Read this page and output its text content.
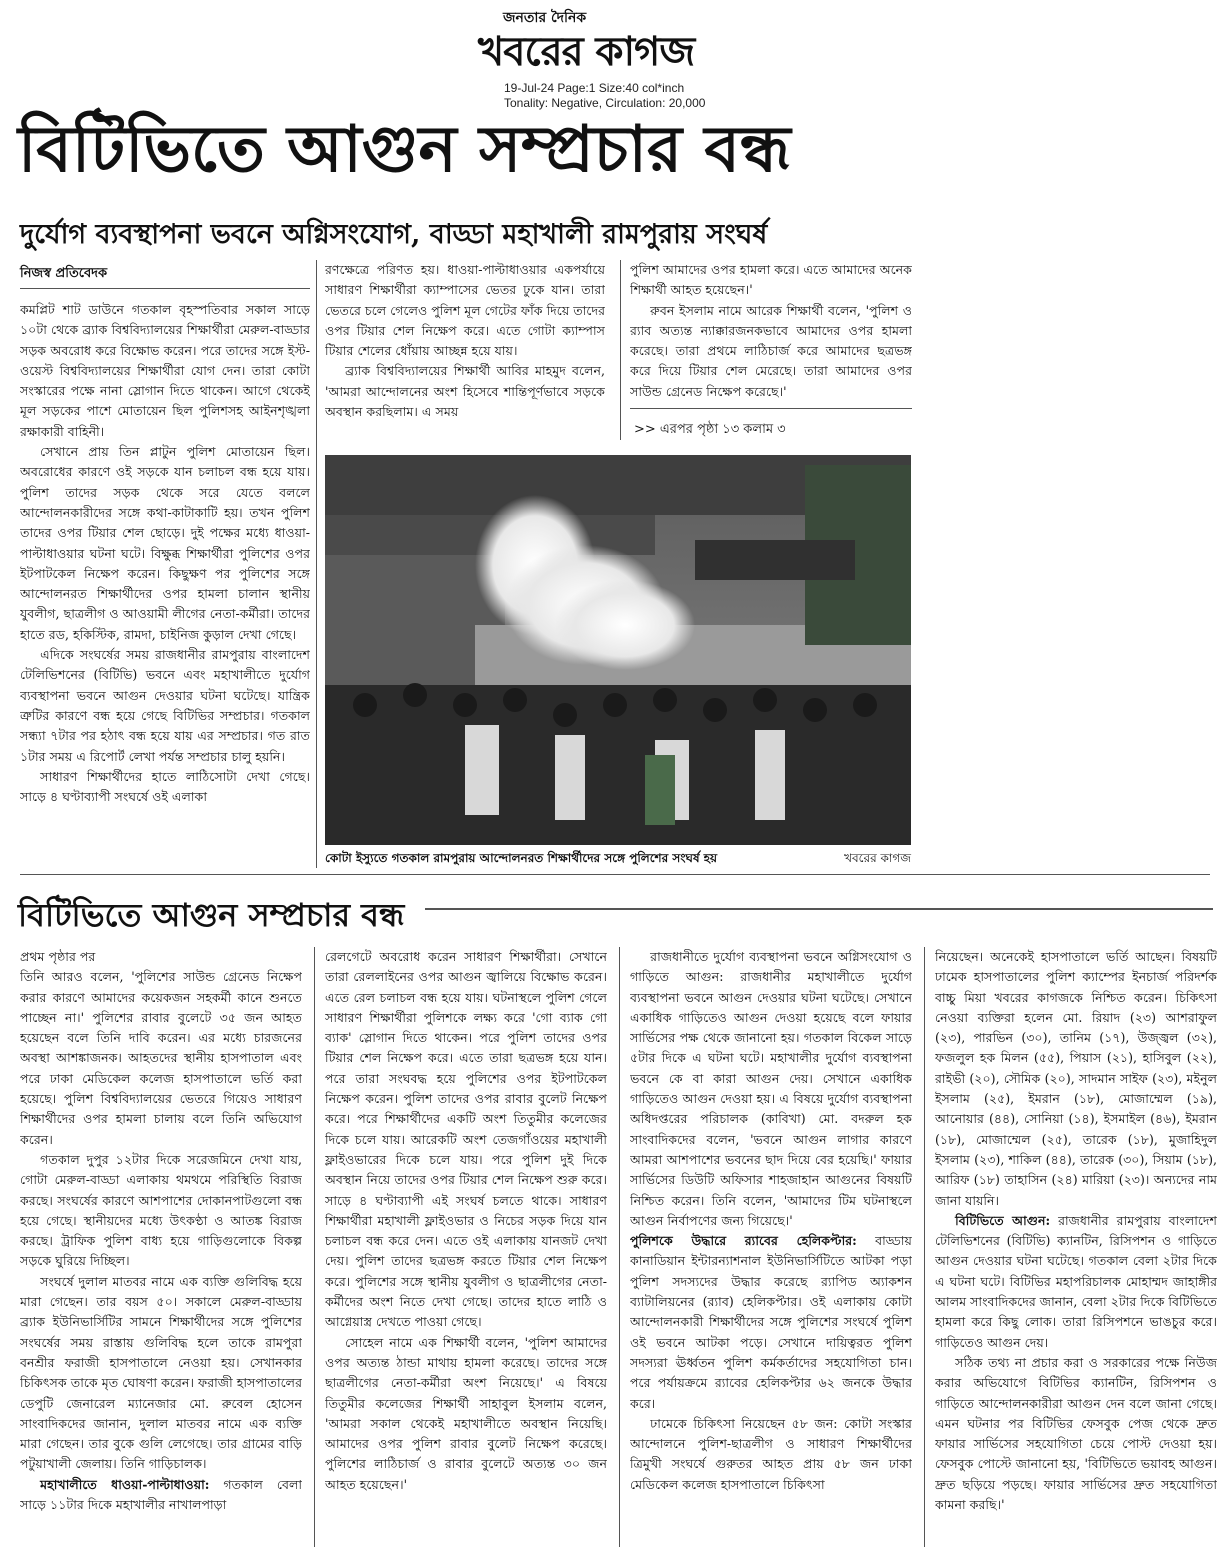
জনতার দৈনিক
খবরের কাগজ
19-Jul-24 Page:1 Size:40 col*inch
Tonality: Negative, Circulation: 20,000
বিটিভিতে আগুন সম্প্রচার বন্ধ
দুর্যোগ ব্যবস্থাপনা ভবনে অগ্নিসংযোগ, বাড্ডা মহাখালী রামপুরায় সংঘর্ষ
নিজস্ব প্রতিবেদক

কমপ্লিট শাট ডাউনে গতকাল বৃহস্পতিবার সকাল সাড়ে ১০টা থেকে ব্র্যাক বিশ্ববিদ্যালয়ের শিক্ষার্থীরা মেরুল-বাড্ডার সড়ক অবরোধ করে বিক্ষোভ করেন। পরে তাদের সঙ্গে ইস্ট-ওয়েস্ট বিশ্ববিদ্যালয়ের শিক্ষার্থীরা যোগ দেন। তারা কোটা সংস্কারের পক্ষে নানা স্লোগান দিতে থাকেন। আগে থেকেই মূল সড়কের পাশে মোতায়েন ছিল পুলিশসহ আইনশৃঙ্খলা রক্ষাকারী বাহিনী।

সেখানে প্রায় তিন প্লাটুন পুলিশ মোতায়েন ছিল। অবরোধের কারণে ওই সড়কে যান চলাচল বন্ধ হয়ে যায়। পুলিশ তাদের সড়ক থেকে সরে যেতে বললে আন্দোলনকারীদের সঙ্গে কথা-কাটাকাটি হয়। তখন পুলিশ তাদের ওপর টিয়ার শেল ছোড়ে। দুই পক্ষের মধ্যে ধাওয়া-পাল্টাধাওয়ার ঘটনা ঘটে। বিক্ষুব্ধ শিক্ষার্থীরা পুলিশের ওপর ইটপাটকেল নিক্ষেপ করেন। কিছুক্ষণ পর পুলিশের সঙ্গে আন্দোলনরত শিক্ষার্থীদের ওপর হামলা চালান স্থানীয় যুবলীগ, ছাত্রলীগ ও আওয়ামী লীগের নেতা-কর্মীরা। তাদের হাতে রড, হকিস্টিক, রামদা, চাইনিজ কুড়াল দেখা গেছে।

এদিকে সংঘর্ষের সময় রাজধানীর রামপুরায় বাংলাদেশ টেলিভিশনের (বিটিভি) ভবনে এবং মহাখালীতে দুর্যোগ ব্যবস্থাপনা ভবনে আগুন দেওয়ার ঘটনা ঘটেছে। যান্ত্রিক ত্রুটির কারণে বন্ধ হয়ে গেছে বিটিভির সম্প্রচার। গতকাল সন্ধ্যা ৭টার পর হঠাৎ বন্ধ হয়ে যায় এর সম্প্রচার। গত রাত ১টার সময় এ রিপোর্ট লেখা পর্যন্ত সম্প্রচার চালু হয়নি।

সাধারণ শিক্ষার্থীদের হাতে লাঠিসোটা দেখা গেছে। সাড়ে ৪ ঘণ্টাব্যাপী সংঘর্ষে ওই এলাকা

রণক্ষেত্রে পরিণত হয়। ধাওয়া-পাল্টাধাওয়ার একপর্যায়ে সাধারণ শিক্ষার্থীরা ক্যাম্পাসের ভেতর ঢুকে যান। তারা ভেতরে চলে গেলেও পুলিশ মূল গেটের ফাঁক দিয়ে তাদের ওপর টিয়ার শেল নিক্ষেপ করে। এতে গোটা ক্যাম্পাস টিয়ার শেলের ধোঁয়ায় আচ্ছন্ন হয়ে যায়।

ব্র্যাক বিশ্ববিদ্যালয়ের শিক্ষার্থী আবির মাহমুদ বলেন, 'আমরা আন্দোলনের অংশ হিসেবে শান্তিপূর্ণভাবে সড়কে অবস্থান করছিলাম। এ সময়

পুলিশ আমাদের ওপর হামলা করে। এতে আমাদের অনেক শিক্ষার্থী আহত হয়েছেন।'

রুবন ইসলাম নামে আরেক শিক্ষার্থী বলেন, 'পুলিশ ও র‍্যাব অত্যন্ত ন্যাক্কারজনকভাবে আমাদের ওপর হামলা করেছে। তারা প্রথমে লাঠিচার্জ করে আমাদের ছত্রভঙ্গ করে দিয়ে টিয়ার শেল মেরেছে। তারা আমাদের ওপর সাউন্ড গ্রেনেড নিক্ষেপ করেছে।'

>> এরপর পৃষ্ঠা ১৩ কলাম ৩
কোটা ইস্যুতে গতকাল রামপুরায় আন্দোলনরত শিক্ষার্থীদের সঙ্গে পুলিশের সংঘর্ষ হয়	খবরের কাগজ
বিটিভিতে আগুন সম্প্রচার বন্ধ

প্রথম পৃষ্ঠার পর

তিনি আরও বলেন, 'পুলিশের সাউন্ড গ্রেনেড নিক্ষেপ করার কারণে আমাদের কয়েকজন সহকর্মী কানে শুনতে পাচ্ছেন না।' পুলিশের রাবার বুলেটে ৩৫ জন আহত হয়েছেন বলে তিনি দাবি করেন। এর মধ্যে চারজনের অবস্থা আশঙ্কাজনক। আহতদের স্থানীয় হাসপাতাল এবং পরে ঢাকা মেডিকেল কলেজ হাসপাতালে ভর্তি করা হয়েছে। পুলিশ বিশ্ববিদ্যালয়ের ভেতরে গিয়েও সাধারণ শিক্ষার্থীদের ওপর হামলা চালায় বলে তিনি অভিযোগ করেন।

গতকাল দুপুর ১২টার দিকে সরেজমিনে দেখা যায়, গোটা মেরুল-বাড্ডা এলাকায় থমথমে পরিস্থিতি বিরাজ করছে। সংঘর্ষের কারণে আশপাশের দোকানপাটগুলো বন্ধ হয়ে গেছে। স্থানীয়দের মধ্যে উৎকণ্ঠা ও আতঙ্ক বিরাজ করছে। ট্রাফিক পুলিশ বাধ্য হয়ে গাড়িগুলোকে বিকল্প সড়কে ঘুরিয়ে দিচ্ছিল।

সংঘর্ষে দুলাল মাতবর নামে এক ব্যক্তি গুলিবিদ্ধ হয়ে মারা গেছেন। তার বয়স ৫০। সকালে মেরুল-বাড্ডায় ব্র্যাক ইউনিভার্সিটির সামনে শিক্ষার্থীদের সঙ্গে পুলিশের সংঘর্ষের সময় রাস্তায় গুলিবিদ্ধ হলে তাকে রামপুরা বনশ্রীর ফরাজী হাসপাতালে নেওয়া হয়। সেখানকার চিকিৎসক তাকে মৃত ঘোষণা করেন। ফরাজী হাসপাতালের ডেপুটি জেনারেল ম্যানেজার মো. রুবেল হোসেন সাংবাদিকদের জানান, দুলাল মাতবর নামে এক ব্যক্তি মারা গেছেন। তার বুকে গুলি লেগেছে। তার গ্রামের বাড়ি পটুয়াখালী জেলায়। তিনি গাড়িচালক।

মহাখালীতে ধাওয়া-পাল্টাধাওয়া: গতকাল বেলা সাড়ে ১১টার দিকে মহাখালীর নাখালপাড়া

রেলগেটে অবরোধ করেন সাধারণ শিক্ষার্থীরা। সেখানে তারা রেললাইনের ওপর আগুন জ্বালিয়ে বিক্ষোভ করেন। এতে রেল চলাচল বন্ধ হয়ে যায়। ঘটনাস্থলে পুলিশ গেলে সাধারণ শিক্ষার্থীরা পুলিশকে লক্ষ্য করে 'গো ব্যাক গো ব্যাক' স্লোগান দিতে থাকেন। পরে পুলিশ তাদের ওপর টিয়ার শেল নিক্ষেপ করে। এতে তারা ছত্রভঙ্গ হয়ে যান। পরে তারা সংঘবদ্ধ হয়ে পুলিশের ওপর ইটপাটকেল নিক্ষেপ করেন। পুলিশ তাদের ওপর রাবার বুলেট নিক্ষেপ করে। পরে শিক্ষার্থীদের একটি অংশ তিতুমীর কলেজের দিকে চলে যায়। আরেকটি অংশ তেজগাঁওয়ের মহাখালী ফ্লাইওভারের দিকে চলে যায়। পরে পুলিশ দুই দিকে অবস্থান নিয়ে তাদের ওপর টিয়ার শেল নিক্ষেপ শুরু করে। সাড়ে ৪ ঘণ্টাব্যাপী এই সংঘর্ষ চলতে থাকে। সাধারণ শিক্ষার্থীরা মহাখালী ফ্লাইওভার ও নিচের সড়ক দিয়ে যান চলাচল বন্ধ করে দেন। এতে ওই এলাকায় যানজট দেখা দেয়। পুলিশ তাদের ছত্রভঙ্গ করতে টিয়ার শেল নিক্ষেপ করে। পুলিশের সঙ্গে স্থানীয় যুবলীগ ও ছাত্রলীগের নেতা-কর্মীদের অংশ নিতে দেখা গেছে। তাদের হাতে লাঠি ও আগ্নেয়াস্ত্র দেখতে পাওয়া গেছে।

সোহেল নামে এক শিক্ষার্থী বলেন, 'পুলিশ আমাদের ওপর অত্যন্ত ঠান্ডা মাথায় হামলা করেছে। তাদের সঙ্গে ছাত্রলীগের নেতা-কর্মীরা অংশ নিয়েছে।' এ বিষয়ে তিতুমীর কলেজের শিক্ষার্থী সাহাবুল ইসলাম বলেন, 'আমরা সকাল থেকেই মহাখালীতে অবস্থান নিয়েছি। আমাদের ওপর পুলিশ রাবার বুলেট নিক্ষেপ করেছে। পুলিশের লাঠিচার্জ ও রাবার বুলেটে অত্যন্ত ৩০ জন আহত হয়েছেন।'

রাজধানীতে দুর্যোগ ব্যবস্থাপনা ভবনে অগ্নিসংযোগ ও গাড়িতে আগুন: রাজধানীর মহাখালীতে দুর্যোগ ব্যবস্থাপনা ভবনে আগুন দেওয়ার ঘটনা ঘটেছে। সেখানে একাধিক গাড়িতেও আগুন দেওয়া হয়েছে বলে ফায়ার সার্ভিসের পক্ষ থেকে জানানো হয়। গতকাল বিকেল সাড়ে ৫টার দিকে এ ঘটনা ঘটে। মহাখালীর দুর্যোগ ব্যবস্থাপনা ভবনে কে বা কারা আগুন দেয়। সেখানে একাধিক গাড়িতেও আগুন দেওয়া হয়। এ বিষয়ে দুর্যোগ ব্যবস্থাপনা অধিদপ্তরের পরিচালক (কাবিখা) মো. বদরুল হক সাংবাদিকদের বলেন, 'ভবনে আগুন লাগার কারণে আমরা আশপাশের ভবনের ছাদ দিয়ে বের হয়েছি।' ফায়ার সার্ভিসের ডিউটি অফিসার শাহজাহান আগুনের বিষয়টি নিশ্চিত করেন। তিনি বলেন, 'আমাদের টিম ঘটনাস্থলে আগুন নির্বাপণের জন্য গিয়েছে।'

পুলিশকে উদ্ধারে র‍্যাবের হেলিকপ্টার: বাড্ডায় কানাডিয়ান ইন্টারন্যাশনাল ইউনিভার্সিটিতে আটকা পড়া পুলিশ সদস্যদের উদ্ধার করেছে র‍্যাপিড অ্যাকশন ব্যাটালিয়নের (র‍্যাব) হেলিকপ্টার। ওই এলাকায় কোটা আন্দোলনকারী শিক্ষার্থীদের সঙ্গে পুলিশের সংঘর্ষে পুলিশ ওই ভবনে আটকা পড়ে। সেখানে দায়িত্বরত পুলিশ সদস্যরা ঊর্ধ্বতন পুলিশ কর্মকর্তাদের সহযোগিতা চান। পরে পর্যায়ক্রমে র‍্যাবের হেলিকপ্টার ৬২ জনকে উদ্ধার করে।

ঢামেকে চিকিৎসা নিয়েছেন ৫৮ জন: কোটা সংস্কার আন্দোলনে পুলিশ-ছাত্রলীগ ও সাধারণ শিক্ষার্থীদের ত্রিমুখী সংঘর্ষে গুরুতর আহত প্রায় ৫৮ জন ঢাকা মেডিকেল কলেজ হাসপাতালে চিকিৎসা

নিয়েছেন। অনেকেই হাসপাতালে ভর্তি আছেন। বিষয়টি ঢামেক হাসপাতালের পুলিশ ক্যাম্পের ইনচার্জ পরিদর্শক বাচ্চু মিয়া খবরের কাগজকে নিশ্চিত করেন। চিকিৎসা নেওয়া ব্যক্তিরা হলেন মো. রিয়াদ (২৩) আশরাফুল (২৩), পারভিন (৩০), তানিম (১৭), উজ্জ্বল (৩২), ফজলুল হক মিলন (৫৫), পিয়াস (২১), হাসিবুল (২২), রাইভী (২০), সৌমিক (২০), সাদমান সাইফ (২৩), মইনুল ইসলাম (২৫), ইমরান (১৮), মোজাম্মেল (১৯), আনোয়ার (৪৪), সোনিয়া (১৪), ইসমাইল (৪৬), ইমরান (১৮), মোজাম্মেল (২৫), তারেক (১৮), মুজাহিদুল ইসলাম (২৩), শাকিল (৪৪), তারেক (৩০), সিয়াম (১৮), আরিফ (১৮) তাহাসিন (২৪) মারিয়া (২৩)। অন্যদের নাম জানা যায়নি।

বিটিভিতে আগুন: রাজধানীর রামপুরায় বাংলাদেশ টেলিভিশনের (বিটিভি) ক্যানটিন, রিসিপশন ও গাড়িতে আগুন দেওয়ার ঘটনা ঘটেছে। গতকাল বেলা ২টার দিকে এ ঘটনা ঘটে। বিটিভির মহাপরিচালক মোহাম্মদ জাহাঙ্গীর আলম সাংবাদিকদের জানান, বেলা ২টার দিকে বিটিভিতে হামলা করে কিছু লোক। তারা রিসিপশনে ভাঙচুর করে। গাড়িতেও আগুন দেয়।

সঠিক তথ্য না প্রচার করা ও সরকারের পক্ষে নিউজ করার অভিযোগে বিটিভির ক্যানটিন, রিসিপশন ও গাড়িতে আন্দোলনকারীরা আগুন দেন বলে জানা গেছে। এমন ঘটনার পর বিটিভির ফেসবুক পেজ থেকে দ্রুত ফায়ার সার্ভিসের সহযোগিতা চেয়ে পোস্ট দেওয়া হয়। ফেসবুক পোস্টে জানানো হয়, 'বিটিভিতে ভয়াবহ আগুন। দ্রুত ছড়িয়ে পড়ছে। ফায়ার সার্ভিসের দ্রুত সহযোগিতা কামনা করছি।'
